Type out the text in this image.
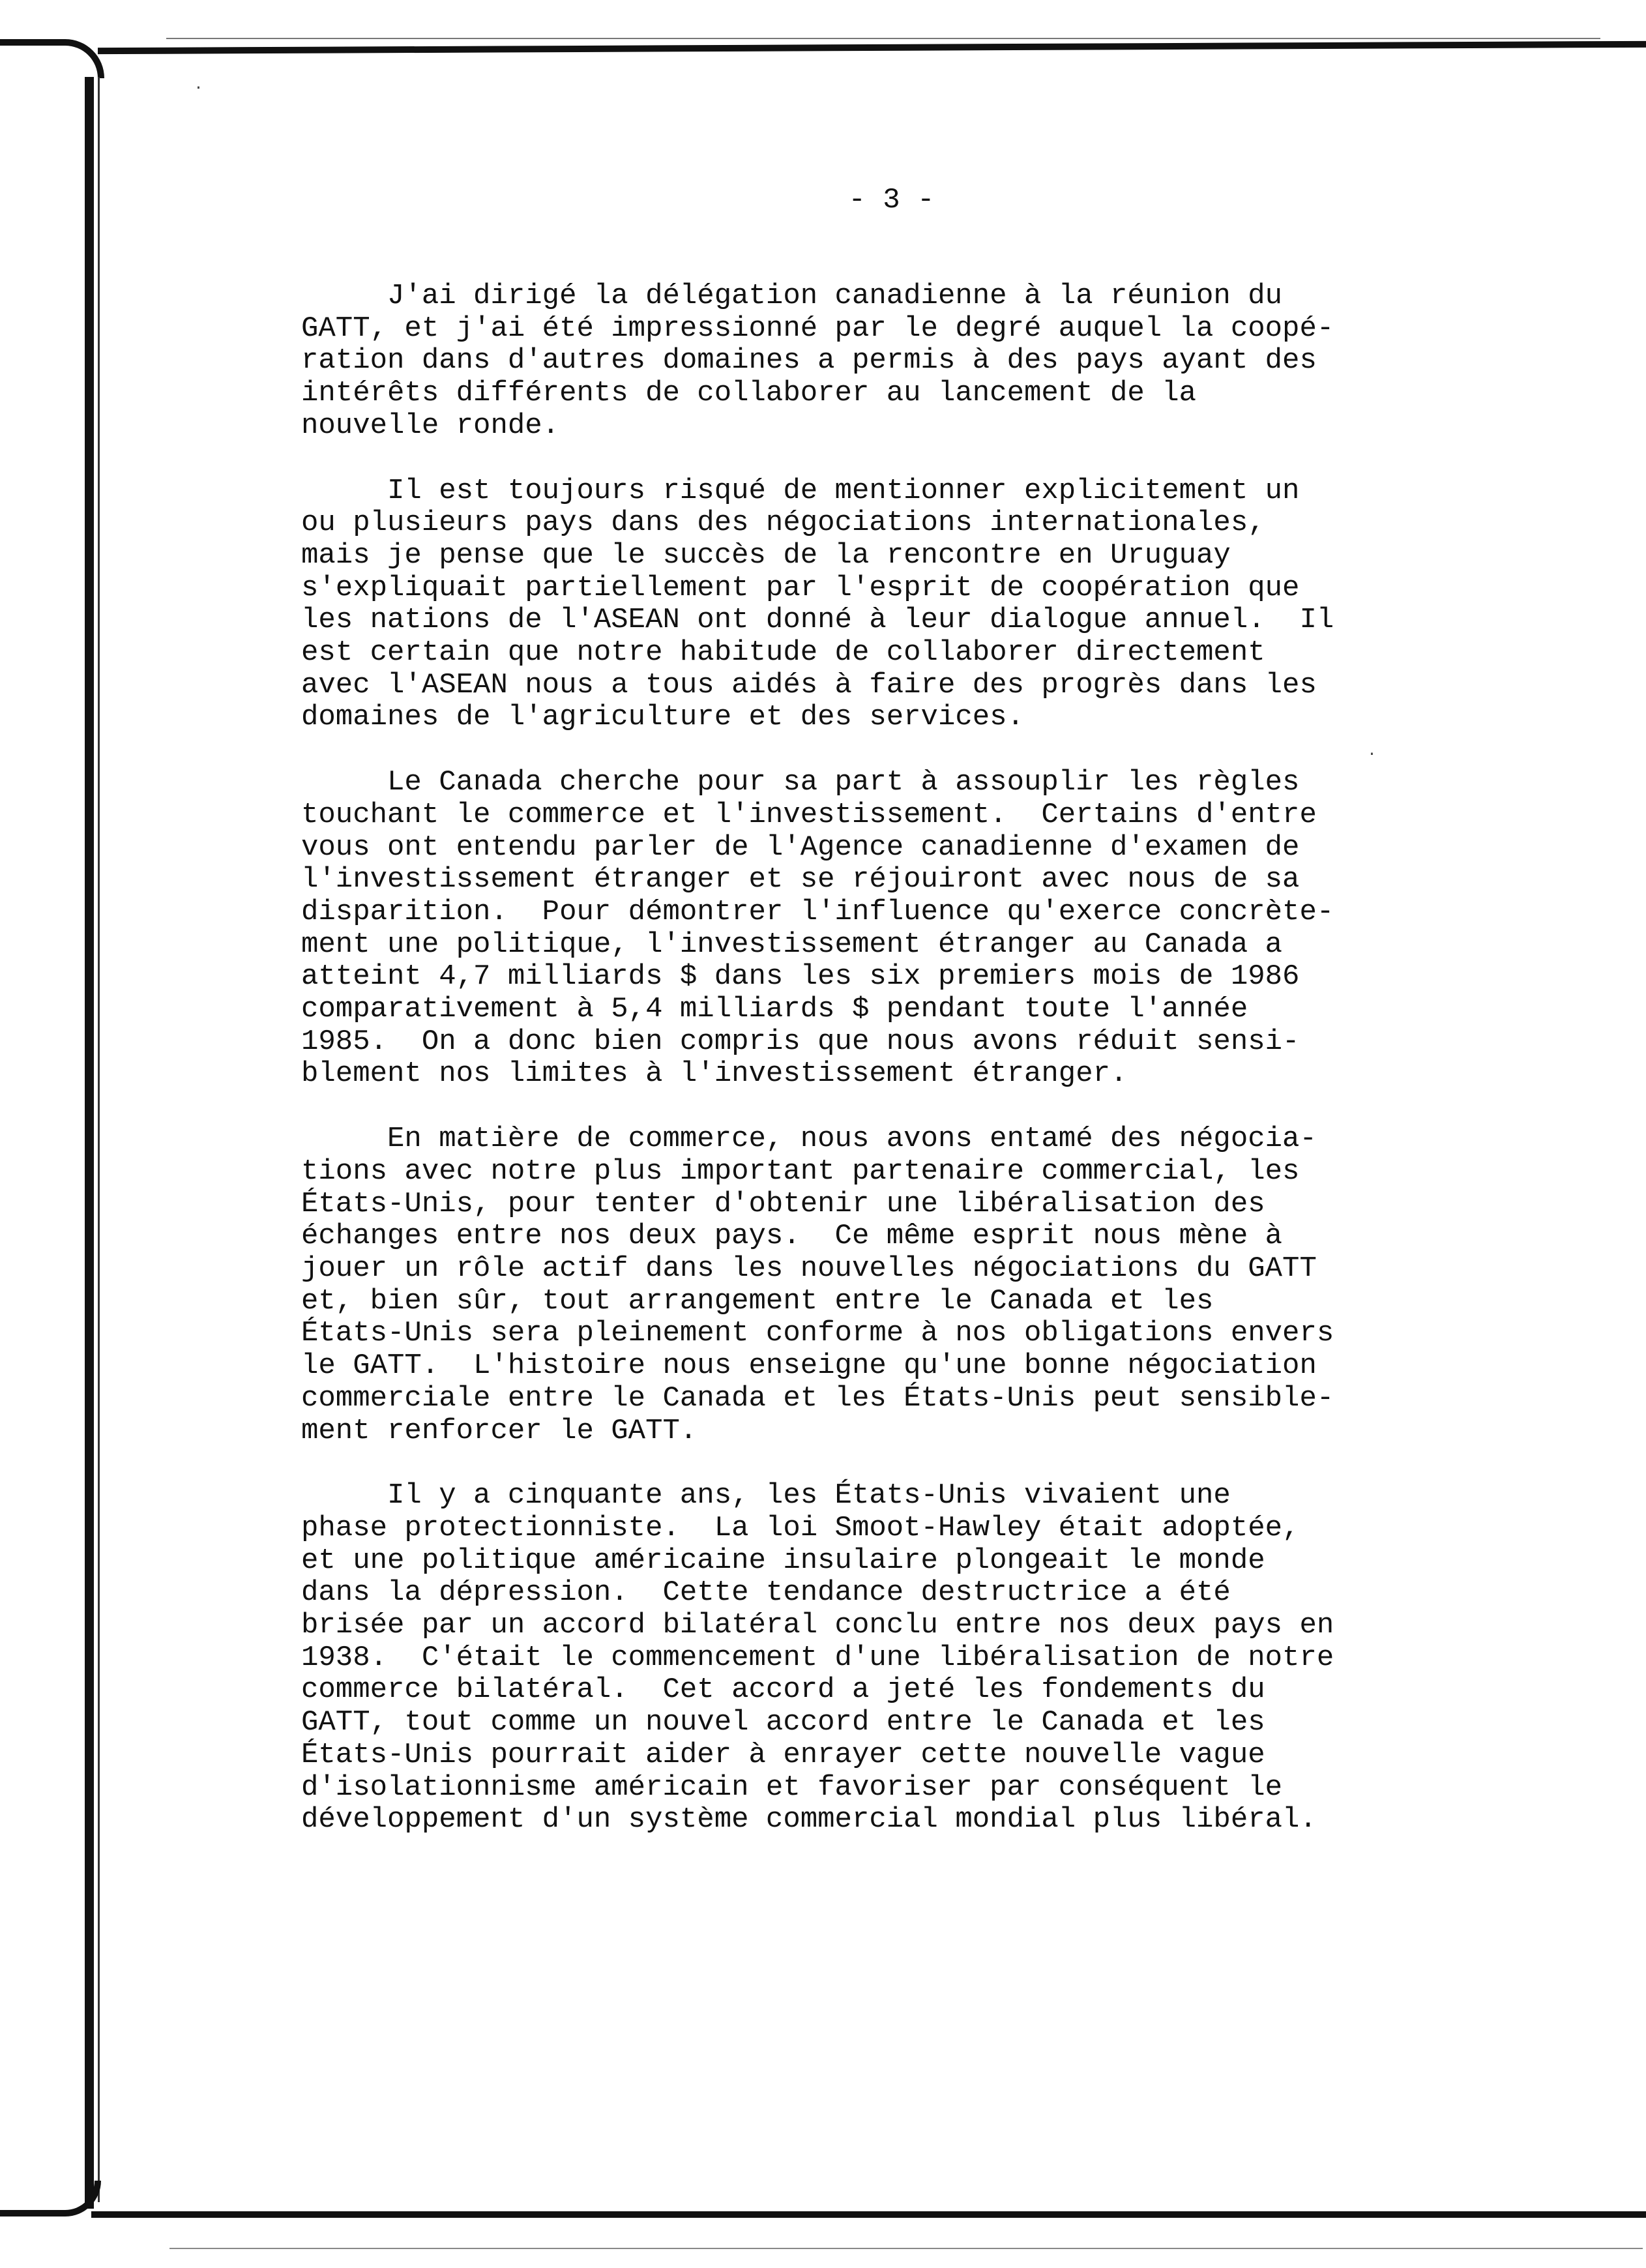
·
·
- 3 -

J'ai dirigé la délégation canadienne à la réunion du
GATT, et j'ai été impressionné par le degré auquel la coopé-
ration dans d'autres domaines a permis à des pays ayant des
intérêts différents de collaborer au lancement de la
nouvelle ronde.

Il est toujours risqué de mentionner explicitement un
ou plusieurs pays dans des négociations internationales,
mais je pense que le succès de la rencontre en Uruguay
s'expliquait partiellement par l'esprit de coopération que
les nations de l'ASEAN ont donné à leur dialogue annuel.  Il
est certain que notre habitude de collaborer directement
avec l'ASEAN nous a tous aidés à faire des progrès dans les
domaines de l'agriculture et des services.

Le Canada cherche pour sa part à assouplir les règles
touchant le commerce et l'investissement.  Certains d'entre
vous ont entendu parler de l'Agence canadienne d'examen de
l'investissement étranger et se réjouiront avec nous de sa
disparition.  Pour démontrer l'influence qu'exerce concrète-
ment une politique, l'investissement étranger au Canada a
atteint 4,7 milliards $ dans les six premiers mois de 1986
comparativement à 5,4 milliards $ pendant toute l'année
1985.  On a donc bien compris que nous avons réduit sensi-
blement nos limites à l'investissement étranger.

En matière de commerce, nous avons entamé des négocia-
tions avec notre plus important partenaire commercial, les
États-Unis, pour tenter d'obtenir une libéralisation des
échanges entre nos deux pays.  Ce même esprit nous mène à
jouer un rôle actif dans les nouvelles négociations du GATT
et, bien sûr, tout arrangement entre le Canada et les
États-Unis sera pleinement conforme à nos obligations envers
le GATT.  L'histoire nous enseigne qu'une bonne négociation
commerciale entre le Canada et les États-Unis peut sensible-
ment renforcer le GATT.

Il y a cinquante ans, les États-Unis vivaient une
phase protectionniste.  La loi Smoot-Hawley était adoptée,
et une politique américaine insulaire plongeait le monde
dans la dépression.  Cette tendance destructrice a été
brisée par un accord bilatéral conclu entre nos deux pays en
1938.  C'était le commencement d'une libéralisation de notre
commerce bilatéral.  Cet accord a jeté les fondements du
GATT, tout comme un nouvel accord entre le Canada et les
États-Unis pourrait aider à enrayer cette nouvelle vague
d'isolationnisme américain et favoriser par conséquent le
développement d'un système commercial mondial plus libéral.
